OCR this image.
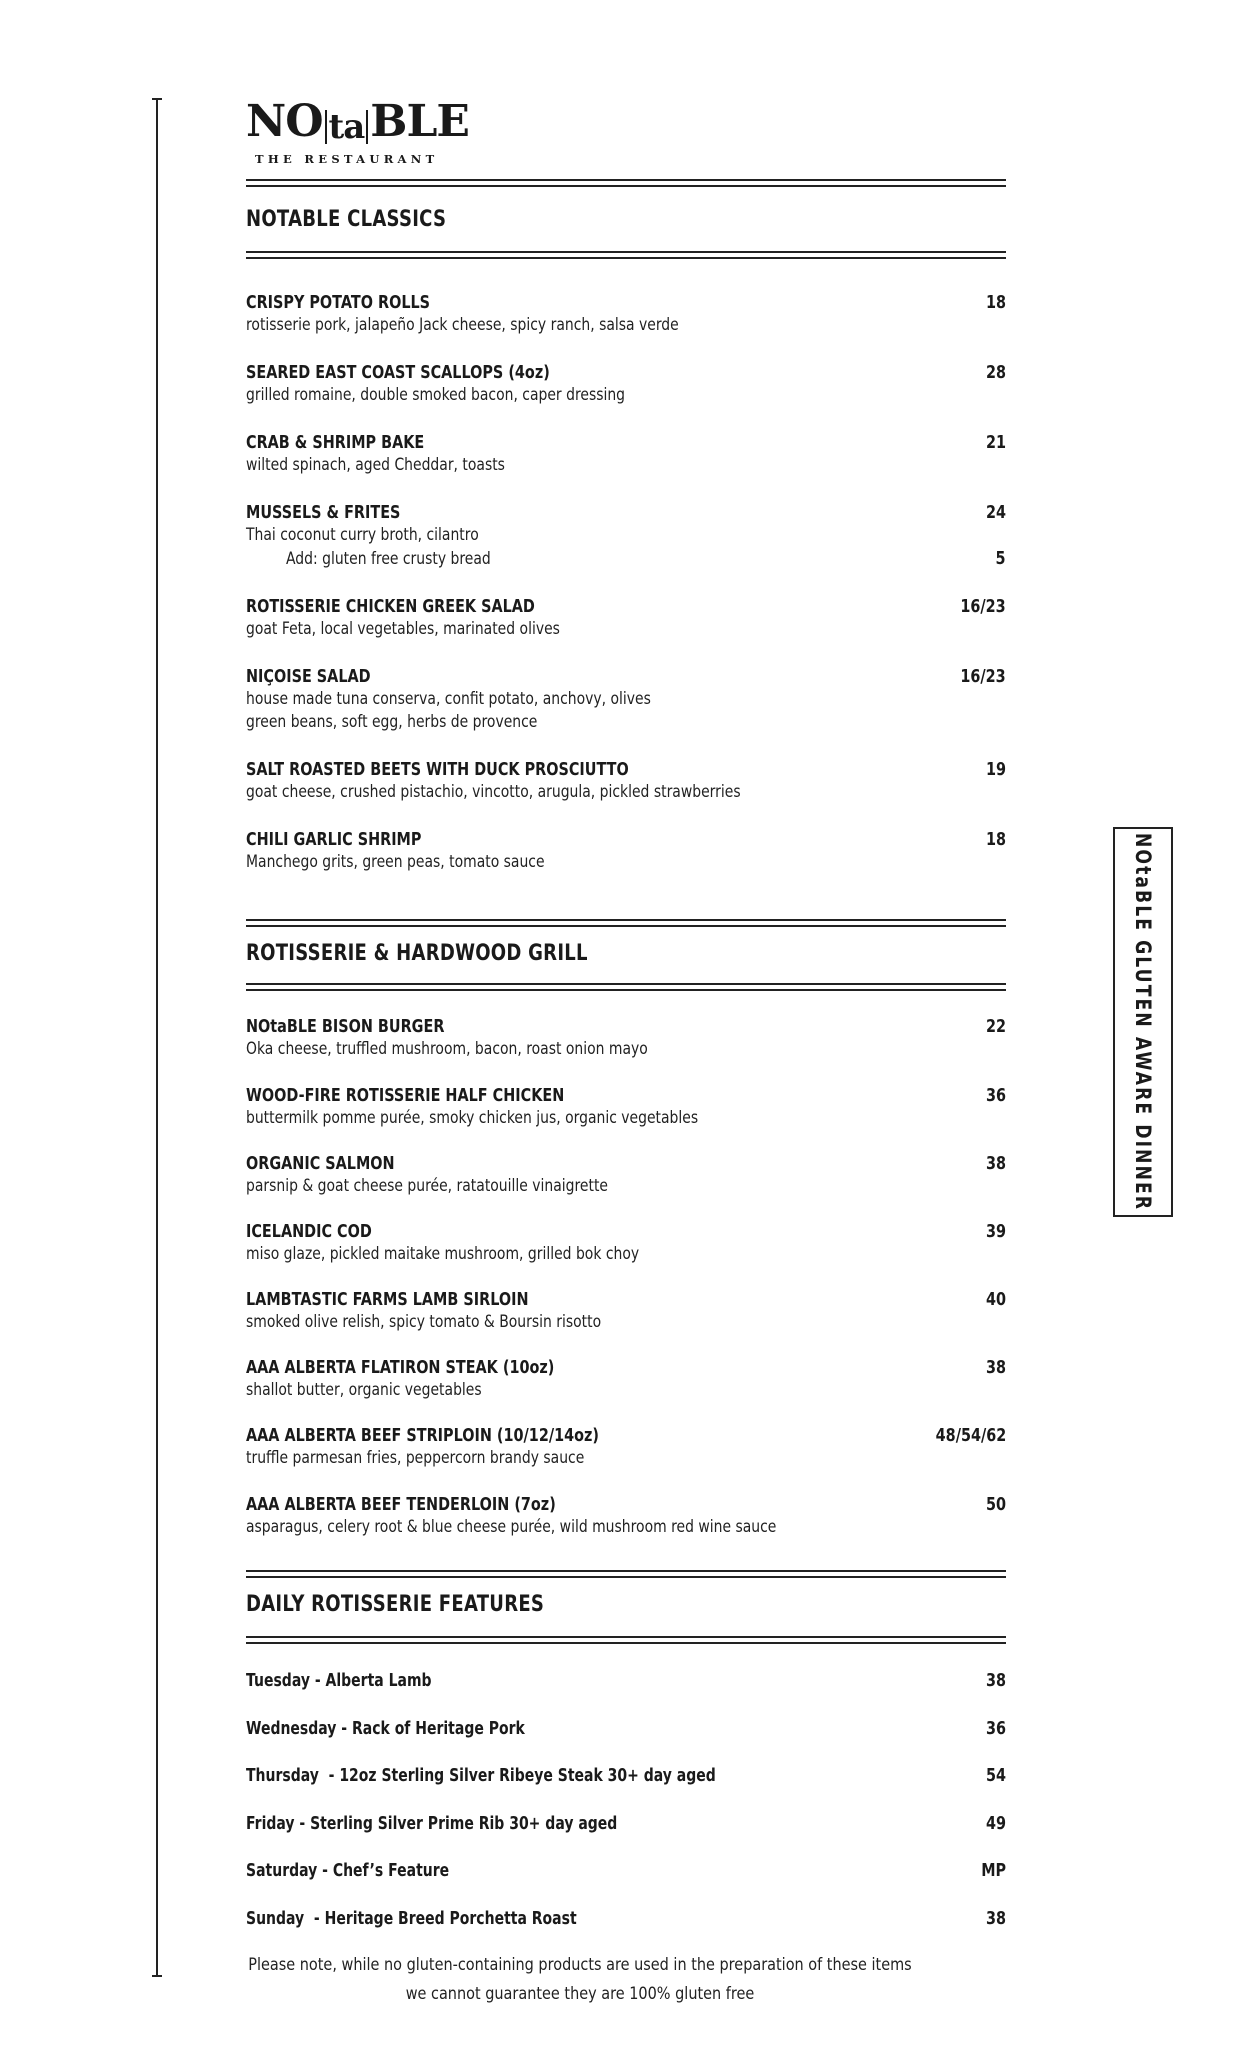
NO ta BLE
THE RESTAURANT
NOTABLE CLASSICS
CRISPY POTATO ROLLS
rotisserie pork, jalapeño Jack cheese, spicy ranch, salsa verde
18
SEARED EAST COAST SCALLOPS (4oz)
grilled romaine, double smoked bacon, caper dressing
28
CRAB & SHRIMP BAKE
wilted spinach, aged Cheddar, toasts
21
MUSSELS & FRITES
Thai coconut curry broth, cilantro
24
Add: gluten free crusty bread	5
ROTISSERIE CHICKEN GREEK SALAD
goat Feta, local vegetables, marinated olives
16/23
NIÇOISE SALAD
house made tuna conserva, confit potato, anchovy, olives
green beans, soft egg, herbs de provence
16/23
SALT ROASTED BEETS WITH DUCK PROSCIUTTO
goat cheese, crushed pistachio, vincotto, arugula, pickled strawberries
19
CHILI GARLIC SHRIMP
Manchego grits, green peas, tomato sauce
18
ROTISSERIE & HARDWOOD GRILL
NOtaBLE BISON BURGER
Oka cheese, truffled mushroom, bacon, roast onion mayo
22
WOOD-FIRE ROTISSERIE HALF CHICKEN
buttermilk pomme purée, smoky chicken jus, organic vegetables
36
ORGANIC SALMON
parsnip & goat cheese purée, ratatouille vinaigrette
38
ICELANDIC COD
miso glaze, pickled maitake mushroom, grilled bok choy
39
LAMBTASTIC FARMS LAMB SIRLOIN
smoked olive relish, spicy tomato & Boursin risotto
40
AAA ALBERTA FLATIRON STEAK (10oz)
shallot butter, organic vegetables
38
AAA ALBERTA BEEF STRIPLOIN (10/12/14oz)
truffle parmesan fries, peppercorn brandy sauce
48/54/62
AAA ALBERTA BEEF TENDERLOIN (7oz)
asparagus, celery root & blue cheese purée, wild mushroom red wine sauce
50
DAILY ROTISSERIE FEATURES
Tuesday - Alberta Lamb	38
Wednesday - Rack of Heritage Pork	36
Thursday  - 12oz Sterling Silver Ribeye Steak 30+ day aged	54
Friday - Sterling Silver Prime Rib 30+ day aged	49
Saturday - Chef’s Feature	MP
Sunday  - Heritage Breed Porchetta Roast	38
Please note, while no gluten-containing products are used in the preparation of these items
we cannot guarantee they are 100% gluten free
NOtaBLE GLUTEN AWARE DINNER
